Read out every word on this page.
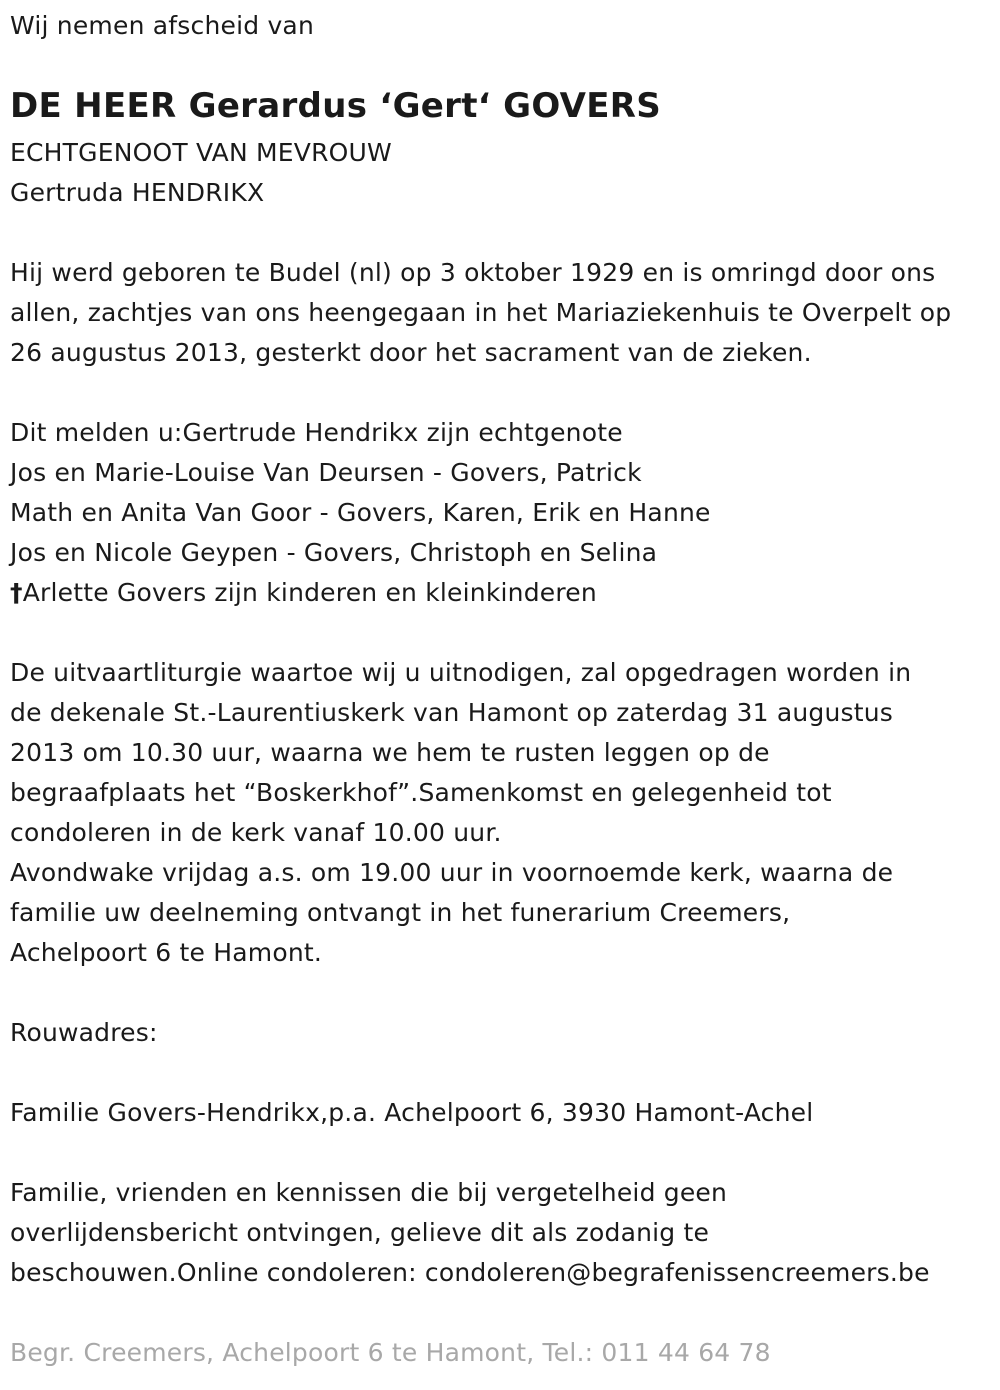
Wij nemen afscheid van
DE HEER Gerardus ‘Gert‘ GOVERS
ECHTGENOOT VAN MEVROUW
Gertruda HENDRIKX
Hij werd geboren te Budel (nl) op 3 oktober 1929 en is omringd door ons
allen, zachtjes van ons heengegaan in het Mariaziekenhuis te Overpelt op
26 augustus 2013, gesterkt door het sacrament van de zieken.
Dit melden u:Gertrude Hendrikx zijn echtgenote
Jos en Marie-Louise Van Deursen - Govers, Patrick
Math en Anita Van Goor - Govers, Karen, Erik en Hanne
Jos en Nicole Geypen - Govers, Christoph en Selina
†Arlette Govers zijn kinderen en kleinkinderen
De uitvaartliturgie waartoe wij u uitnodigen, zal opgedragen worden in
de dekenale St.-Laurentiuskerk van Hamont op zaterdag 31 augustus
2013 om 10.30 uur, waarna we hem te rusten leggen op de
begraafplaats het “Boskerkhof”.Samenkomst en gelegenheid tot
condoleren in de kerk vanaf 10.00 uur.
Avondwake vrijdag a.s. om 19.00 uur in voornoemde kerk, waarna de
familie uw deelneming ontvangt in het funerarium Creemers,
Achelpoort 6 te Hamont.
Rouwadres:
Familie Govers-Hendrikx,p.a. Achelpoort 6, 3930 Hamont-Achel
Familie, vrienden en kennissen die bij vergetelheid geen
overlijdensbericht ontvingen, gelieve dit als zodanig te
beschouwen.Online condoleren: condoleren@begrafenissencreemers.be
Begr. Creemers, Achelpoort 6 te Hamont, Tel.: 011 44 64 78
